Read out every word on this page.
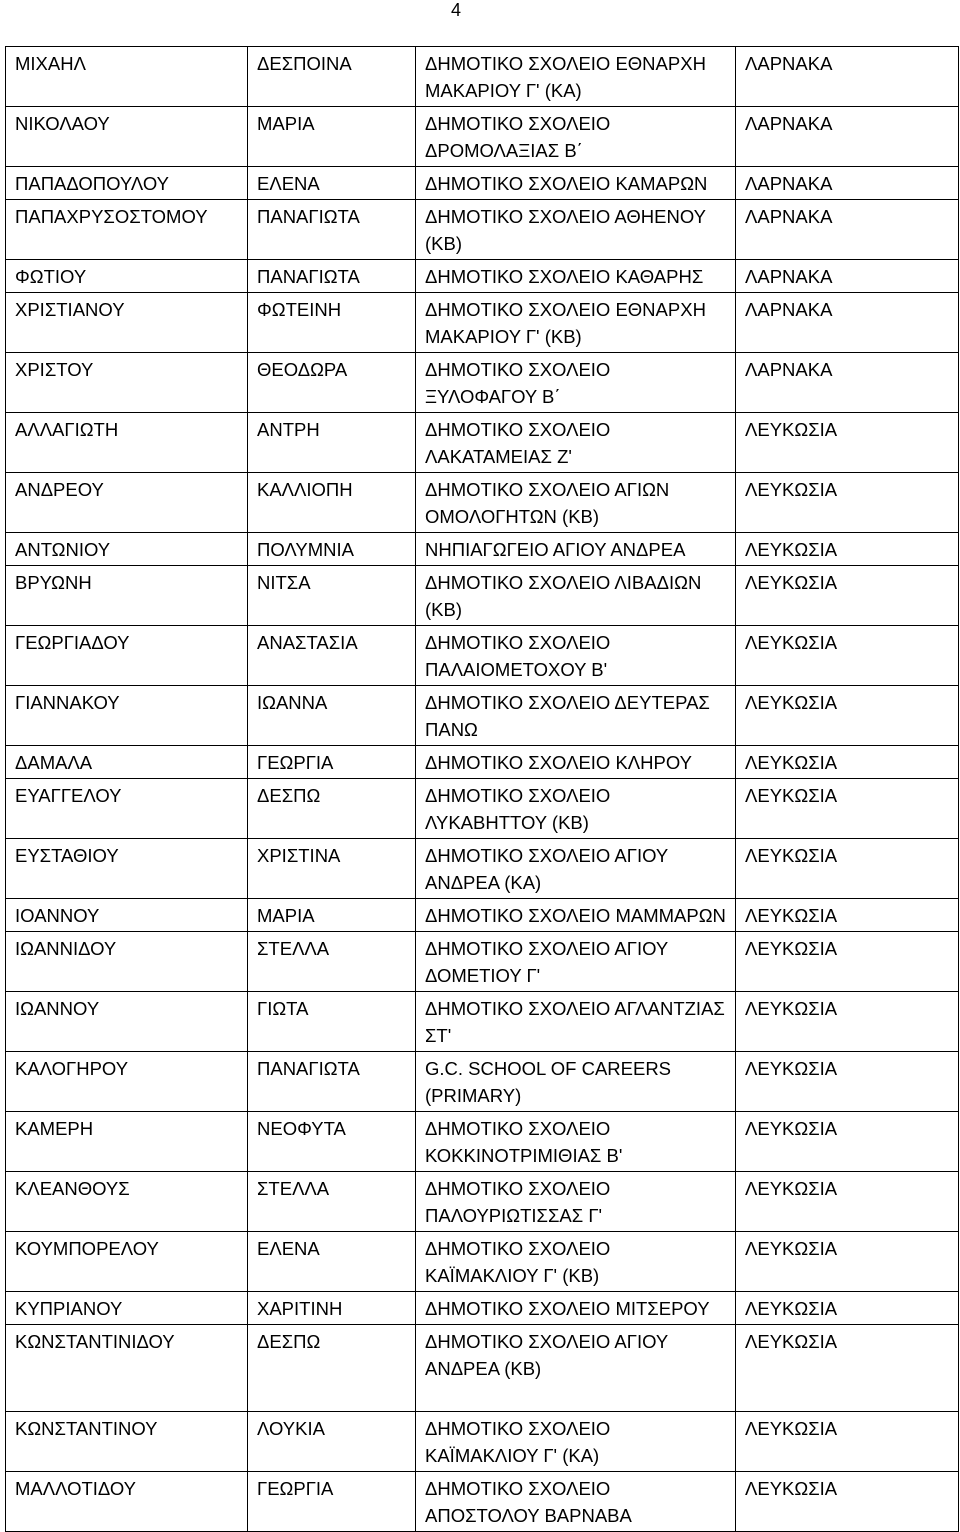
4
ΜΙΧΑΗΛ	ΔΕΣΠΟΙΝΑ	ΔΗΜΟΤΙΚΟ ΣΧΟΛΕΙΟ ΕΘΝΑΡΧΗ ΜΑΚΑΡΙΟΥ Γ' (ΚΑ)	ΛΑΡΝΑΚΑ
ΝΙΚΟΛΑΟΥ	ΜΑΡΙΑ	ΔΗΜΟΤΙΚΟ ΣΧΟΛΕΙΟ ΔΡΟΜΟΛΑΞΙΑΣ Β΄	ΛΑΡΝΑΚΑ
ΠΑΠΑΔΟΠΟΥΛΟΥ	ΕΛΕΝΑ	ΔΗΜΟΤΙΚΟ ΣΧΟΛΕΙΟ ΚΑΜΑΡΩΝ	ΛΑΡΝΑΚΑ
ΠΑΠΑΧΡΥΣΟΣΤΟΜΟΥ	ΠΑΝΑΓΙΩΤΑ	ΔΗΜΟΤΙΚΟ ΣΧΟΛΕΙΟ ΑΘΗΕΝΟΥ (ΚΒ)	ΛΑΡΝΑΚΑ
ΦΩΤΙΟΥ	ΠΑΝΑΓΙΩΤΑ	ΔΗΜΟΤΙΚΟ ΣΧΟΛΕΙΟ ΚΑΘΑΡΗΣ	ΛΑΡΝΑΚΑ
ΧΡΙΣΤΙΑΝΟΥ	ΦΩΤΕΙΝΗ	ΔΗΜΟΤΙΚΟ ΣΧΟΛΕΙΟ ΕΘΝΑΡΧΗ ΜΑΚΑΡΙΟΥ Γ' (ΚΒ)	ΛΑΡΝΑΚΑ
ΧΡΙΣΤΟΥ	ΘΕΟΔΩΡΑ	ΔΗΜΟΤΙΚΟ ΣΧΟΛΕΙΟ ΞΥΛΟΦΑΓΟΥ Β΄	ΛΑΡΝΑΚΑ
ΑΛΛΑΓΙΩΤΗ	ΑΝΤΡΗ	ΔΗΜΟΤΙΚΟ ΣΧΟΛΕΙΟ ΛΑΚΑΤΑΜΕΙΑΣ Ζ'	ΛΕΥΚΩΣΙΑ
ΑΝΔΡΕΟΥ	ΚΑΛΛΙΟΠΗ	ΔΗΜΟΤΙΚΟ ΣΧΟΛΕΙΟ ΑΓΙΩΝ ΟΜΟΛΟΓΗΤΩΝ (ΚΒ)	ΛΕΥΚΩΣΙΑ
ΑΝΤΩΝΙΟΥ	ΠΟΛΥΜΝΙΑ	ΝΗΠΙΑΓΩΓΕΙΟ ΑΓΙΟΥ ΑΝΔΡΕΑ	ΛΕΥΚΩΣΙΑ
ΒΡΥΩΝΗ	ΝΙΤΣΑ	ΔΗΜΟΤΙΚΟ ΣΧΟΛΕΙΟ ΛΙΒΑΔΙΩΝ (ΚΒ)	ΛΕΥΚΩΣΙΑ
ΓΕΩΡΓΙΑΔΟΥ	ΑΝΑΣΤΑΣΙΑ	ΔΗΜΟΤΙΚΟ ΣΧΟΛΕΙΟ ΠΑΛΑΙΟΜΕΤΟΧΟΥ Β'	ΛΕΥΚΩΣΙΑ
ΓΙΑΝΝΑΚΟΥ	ΙΩΑΝΝΑ	ΔΗΜΟΤΙΚΟ ΣΧΟΛΕΙΟ ΔΕΥΤΕΡΑΣ ΠΑΝΩ	ΛΕΥΚΩΣΙΑ
ΔΑΜΑΛΑ	ΓΕΩΡΓΙΑ	ΔΗΜΟΤΙΚΟ ΣΧΟΛΕΙΟ ΚΛΗΡΟΥ	ΛΕΥΚΩΣΙΑ
ΕΥΑΓΓΕΛΟΥ	ΔΕΣΠΩ	ΔΗΜΟΤΙΚΟ ΣΧΟΛΕΙΟ ΛΥΚΑΒΗΤΤΟΥ (ΚΒ)	ΛΕΥΚΩΣΙΑ
ΕΥΣΤΑΘΙΟΥ	ΧΡΙΣΤΙΝΑ	ΔΗΜΟΤΙΚΟ ΣΧΟΛΕΙΟ ΑΓΙΟΥ ΑΝΔΡΕΑ (ΚΑ)	ΛΕΥΚΩΣΙΑ
ΙΟΑΝΝΟΥ	ΜΑΡΙΑ	ΔΗΜΟΤΙΚΟ ΣΧΟΛΕΙΟ ΜΑΜΜΑΡΩΝ	ΛΕΥΚΩΣΙΑ
ΙΩΑΝΝΙΔΟΥ	ΣΤΕΛΛΑ	ΔΗΜΟΤΙΚΟ ΣΧΟΛΕΙΟ ΑΓΙΟΥ ΔΟΜΕΤΙΟΥ Γ'	ΛΕΥΚΩΣΙΑ
ΙΩΑΝΝΟΥ	ΓΙΩΤΑ	ΔΗΜΟΤΙΚΟ ΣΧΟΛΕΙΟ ΑΓΛΑΝΤΖΙΑΣ ΣΤ'	ΛΕΥΚΩΣΙΑ
ΚΑΛΟΓΗΡΟΥ	ΠΑΝΑΓΙΩΤΑ	G.C. SCHOOL OF CAREERS (PRIMARY)	ΛΕΥΚΩΣΙΑ
ΚΑΜΕΡΗ	ΝΕΟΦΥΤΑ	ΔΗΜΟΤΙΚΟ ΣΧΟΛΕΙΟ ΚΟΚΚΙΝΟΤΡΙΜΙΘΙΑΣ Β'	ΛΕΥΚΩΣΙΑ
ΚΛΕΑΝΘΟΥΣ	ΣΤΕΛΛΑ	ΔΗΜΟΤΙΚΟ ΣΧΟΛΕΙΟ ΠΑΛΟΥΡΙΩΤΙΣΣΑΣ Γ'	ΛΕΥΚΩΣΙΑ
ΚΟΥΜΠΟΡΕΛΟΥ	ΕΛΕΝΑ	ΔΗΜΟΤΙΚΟ ΣΧΟΛΕΙΟ ΚΑΪΜΑΚΛΙΟΥ Γ' (ΚΒ)	ΛΕΥΚΩΣΙΑ
ΚΥΠΡΙΑΝΟΥ	ΧΑΡΙΤΙΝΗ	ΔΗΜΟΤΙΚΟ ΣΧΟΛΕΙΟ ΜΙΤΣΕΡΟΥ	ΛΕΥΚΩΣΙΑ
ΚΩΝΣΤΑΝΤΙΝΙΔΟΥ	ΔΕΣΠΩ	ΔΗΜΟΤΙΚΟ ΣΧΟΛΕΙΟ ΑΓΙΟΥ ΑΝΔΡΕΑ (ΚΒ)	ΛΕΥΚΩΣΙΑ
ΚΩΝΣΤΑΝΤΙΝΟΥ	ΛΟΥΚΙΑ	ΔΗΜΟΤΙΚΟ ΣΧΟΛΕΙΟ ΚΑΪΜΑΚΛΙΟΥ Γ' (ΚΑ)	ΛΕΥΚΩΣΙΑ
ΜΑΛΛΟΤΙΔΟΥ	ΓΕΩΡΓΙΑ	ΔΗΜΟΤΙΚΟ ΣΧΟΛΕΙΟ ΑΠΟΣΤΟΛΟΥ ΒΑΡΝΑΒΑ	ΛΕΥΚΩΣΙΑ
